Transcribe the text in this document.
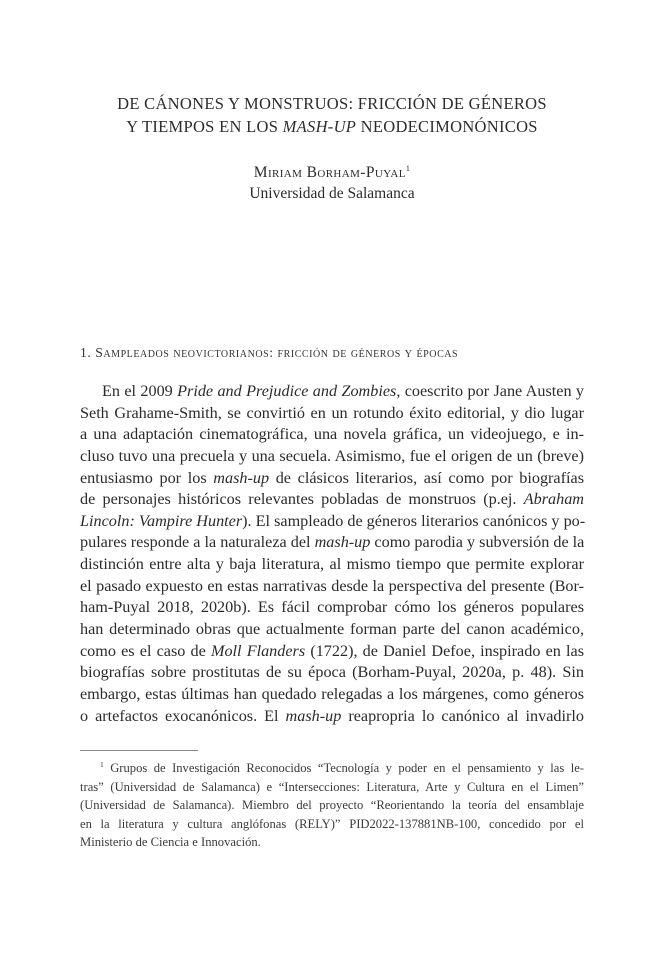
DE CÁNONES Y MONSTRUOS: FRICCIÓN DE GÉNEROS
Y TIEMPOS EN LOS MASH-UP NEODECIMONÓNICOS
Miriam Borham-Puyal$^1$
Universidad de Salamanca
1. Sampleados neovictorianos: fricción de géneros y épocas
En el 2009 Pride and Prejudice and Zombies, coescrito por Jane Austen y
Seth Grahame-Smith, se convirtió en un rotundo éxito editorial, y dio lugar
a una adaptación cinematográfica, una novela gráfica, un videojuego, e in-
cluso tuvo una precuela y una secuela. Asimismo, fue el origen de un (breve)
entusiasmo por los mash-up de clásicos literarios, así como por biografías
de personajes históricos relevantes pobladas de monstruos (p.ej. Abraham
Lincoln: Vampire Hunter). El sampleado de géneros literarios canónicos y po-
pulares responde a la naturaleza del mash-up como parodia y subversión de la
distinción entre alta y baja literatura, al mismo tiempo que permite explorar
el pasado expuesto en estas narrativas desde la perspectiva del presente (Bor-
ham-Puyal 2018, 2020b). Es fácil comprobar cómo los géneros populares
han determinado obras que actualmente forman parte del canon académico,
como es el caso de Moll Flanders (1722), de Daniel Defoe, inspirado en las
biografías sobre prostitutas de su época (Borham-Puyal, 2020a, p. 48). Sin
embargo, estas últimas han quedado relegadas a los márgenes, como géneros
o artefactos exocanónicos. El mash-up reapropria lo canónico al invadirlo
$^1$ Grupos de Investigación Reconocidos “Tecnología y poder en el pensamiento y las le-
tras” (Universidad de Salamanca) e “Intersecciones: Literatura, Arte y Cultura en el Limen”
(Universidad de Salamanca). Miembro del proyecto “Reorientando la teoría del ensamblaje
en la literatura y cultura anglófonas (RELY)” PID2022-137881NB-100, concedido por el
Ministerio de Ciencia e Innovación.
